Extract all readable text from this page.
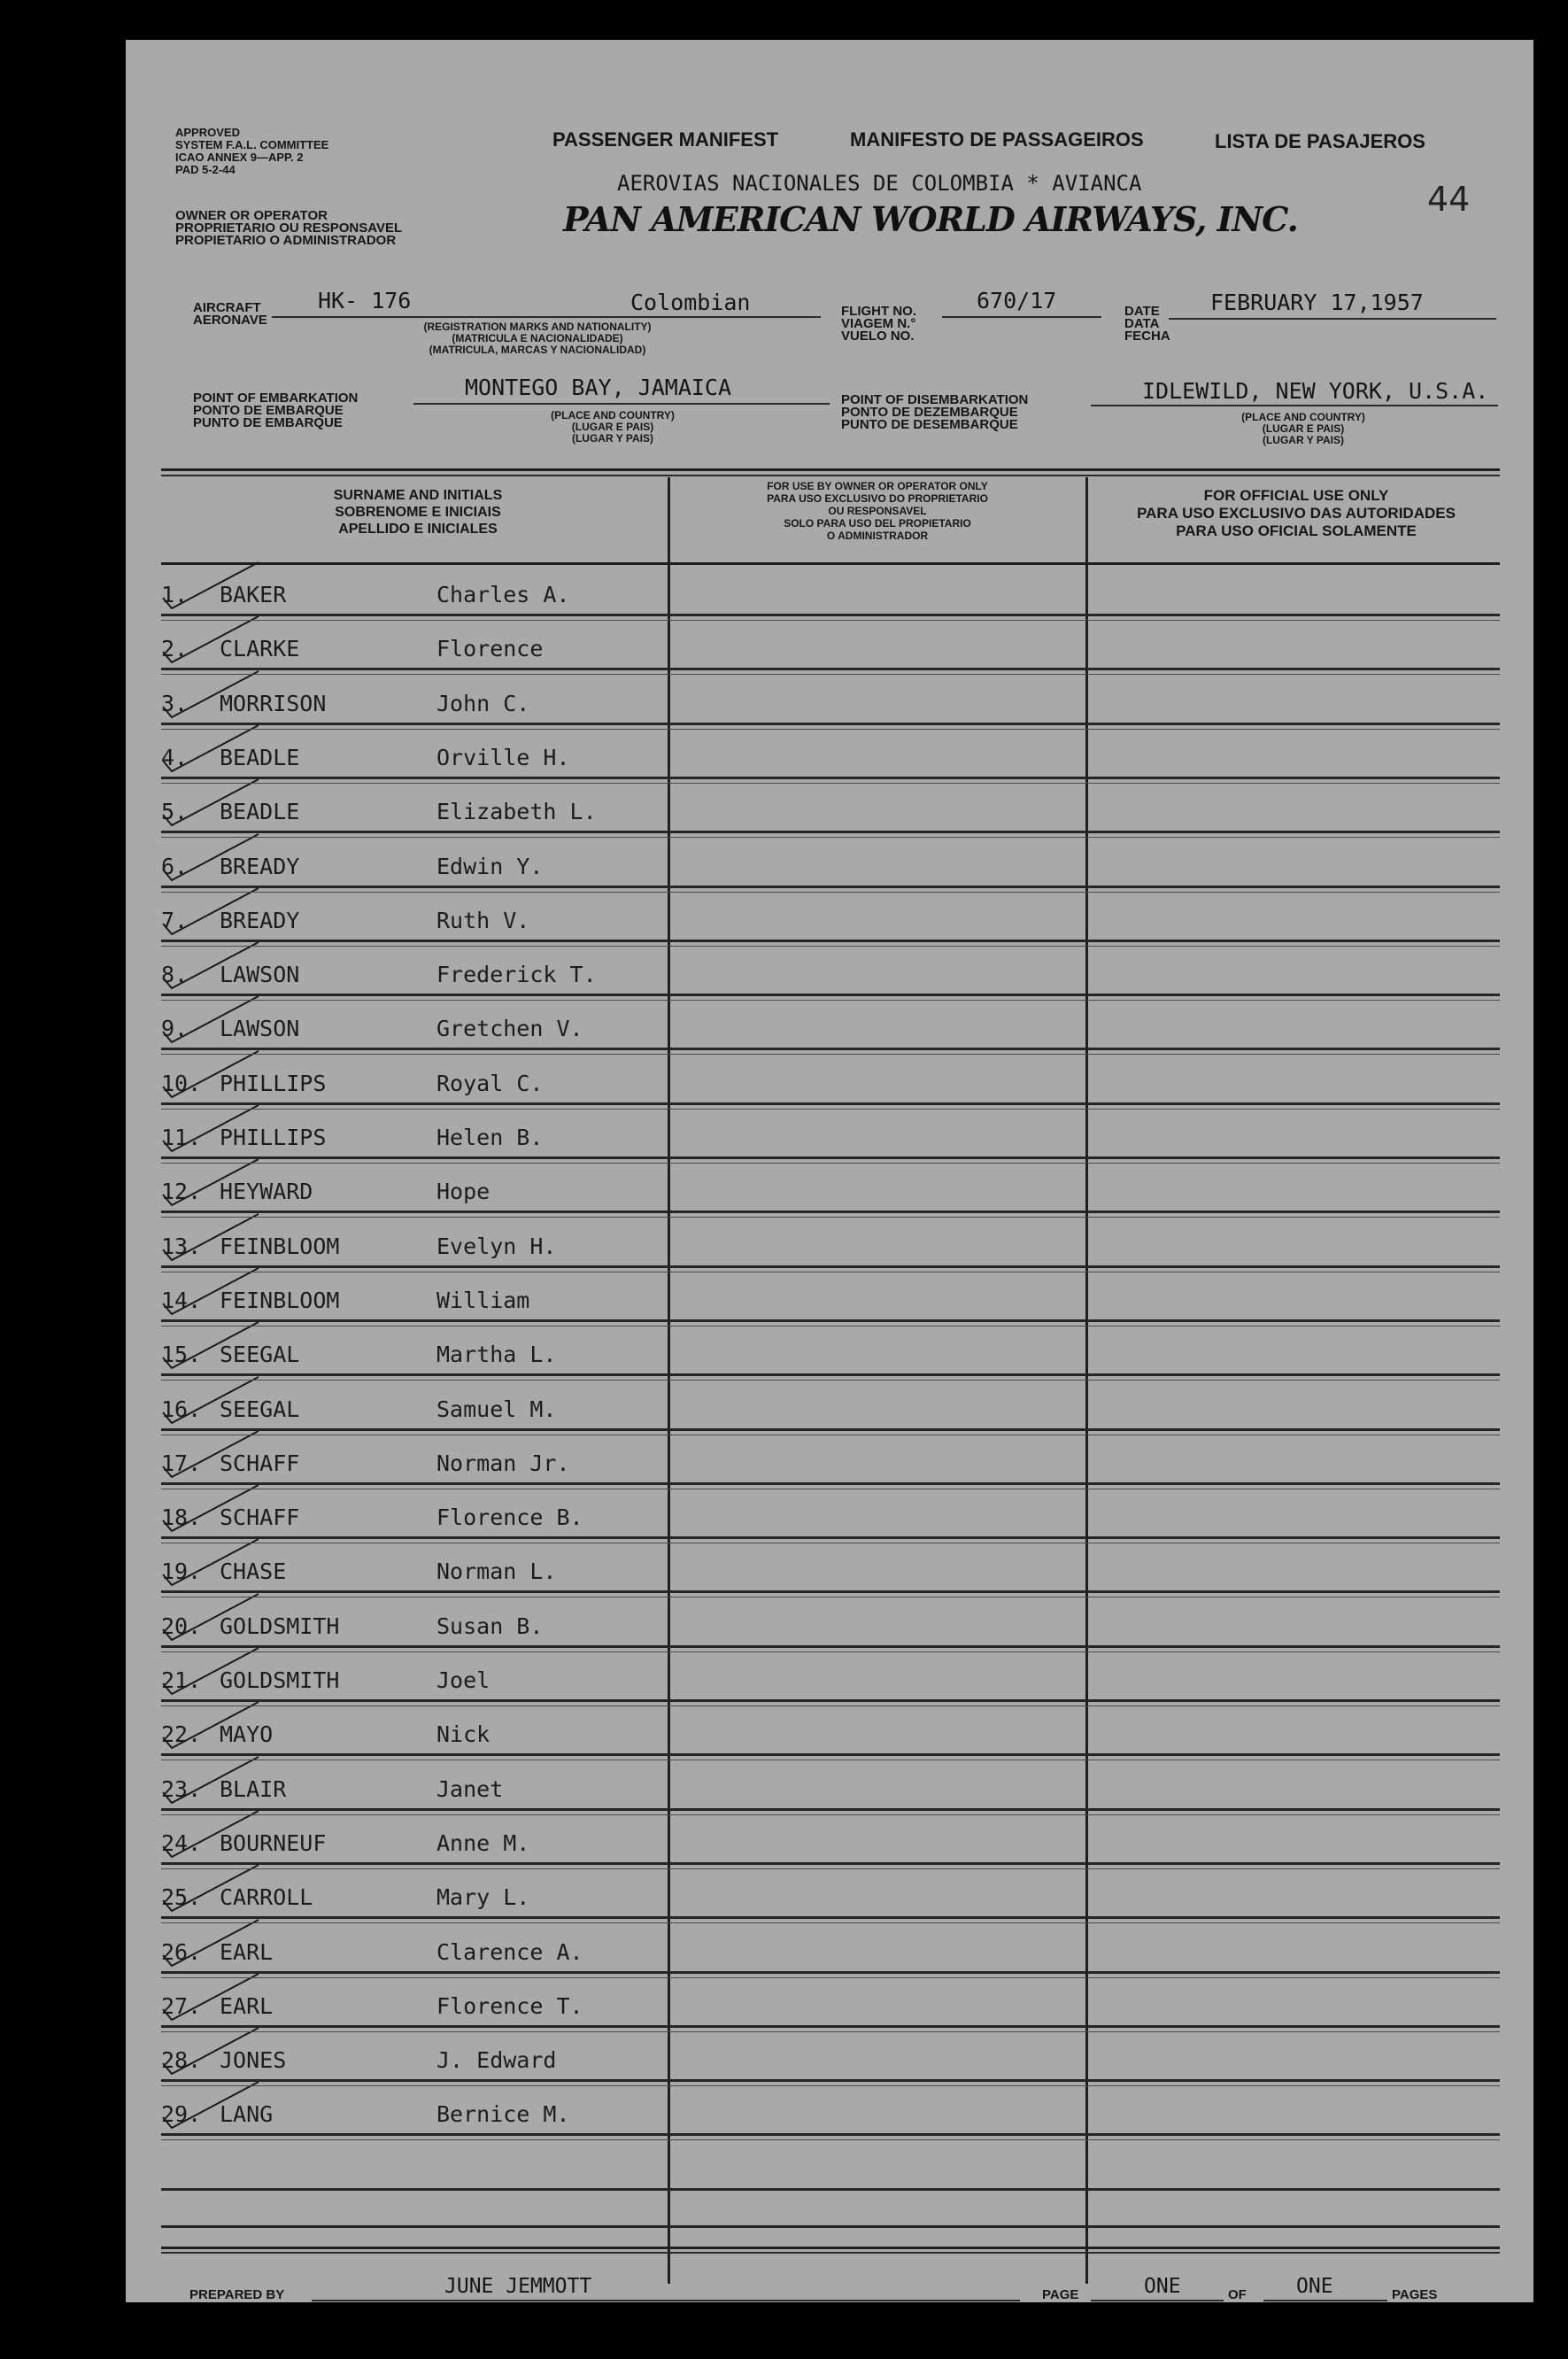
APPROVED
SYSTEM F.A.L. COMMITTEE
ICAO ANNEX 9—APP. 2
PAD 5-2-44
OWNER OR OPERATOR
PROPRIETARIO OU RESPONSAVEL
PROPIETARIO O ADMINISTRADOR
PASSENGER MANIFEST	MANIFESTO DE PASSAGEIROS	LISTA DE PASAJEROS
AEROVIAS NACIONALES DE COLOMBIA * AVIANCA
PAN AMERICAN WORLD AIRWAYS, INC.	44
AIRCRAFT
AERONAVE
HK- 176	Colombian
(REGISTRATION MARKS AND NATIONALITY)
(MATRICULA E NACIONALIDADE)
(MATRICULA, MARCAS Y NACIONALIDAD)
FLIGHT NO.
VIAGEM N.°
VUELO NO.
670/17	DATE
DATA
FECHA
FEBRUARY 17,1957
POINT OF EMBARKATION
PONTO DE EMBARQUE
PUNTO DE EMBARQUE
MONTEGO BAY, JAMAICA
(PLACE AND COUNTRY)
(LUGAR E PAIS)
(LUGAR Y PAIS)
POINT OF DISEMBARKATION
PONTO DE DEZEMBARQUE
PUNTO DE DESEMBARQUE
IDLEWILD, NEW YORK, U.S.A.
(PLACE AND COUNTRY)
(LUGAR E PAIS)
(LUGAR Y PAIS)
SURNAME AND INITIALS
SOBRENOME E INICIAIS
APELLIDO E INICIALES
FOR USE BY OWNER OR OPERATOR ONLY
PARA USO EXCLUSIVO DO PROPRIETARIO
OU RESPONSAVEL
SOLO PARA USO DEL PROPIETARIO
O ADMINISTRADOR
FOR OFFICIAL USE ONLY
PARA USO EXCLUSIVO DAS AUTORIDADES
PARA USO OFICIAL SOLAMENTE
1.	BAKER	Charles A.
2.	CLARKE	Florence
3.	MORRISON	John C.
4.	BEADLE	Orville H.
5.	BEADLE	Elizabeth L.
6.	BREADY	Edwin Y.
7.	BREADY	Ruth V.
8.	LAWSON	Frederick T.
9.	LAWSON	Gretchen V.
10. PHILLIPS	Royal C.
11. PHILLIPS	Helen B.
12. HEYWARD	Hope
13. FEINBLOOM	Evelyn H.
14. FEINBLOOM	William
15. SEEGAL	Martha L.
16. SEEGAL	Samuel M.
17. SCHAFF	Norman Jr.
18. SCHAFF	Florence B.
19. CHASE	Norman L.
20. GOLDSMITH	Susan B.
21. GOLDSMITH	Joel
22. MAYO	Nick
23. BLAIR	Janet
24. BOURNEUF	Anne M.
25. CARROLL	Mary L.
26. EARL	Clarence A.
27. EARL	Florence T.
28. JONES	J. Edward
29. LANG	Bernice M.
PREPARED BY	JUNE JEMMOTT	PAGE	ONE	OF ONE	PAGES
